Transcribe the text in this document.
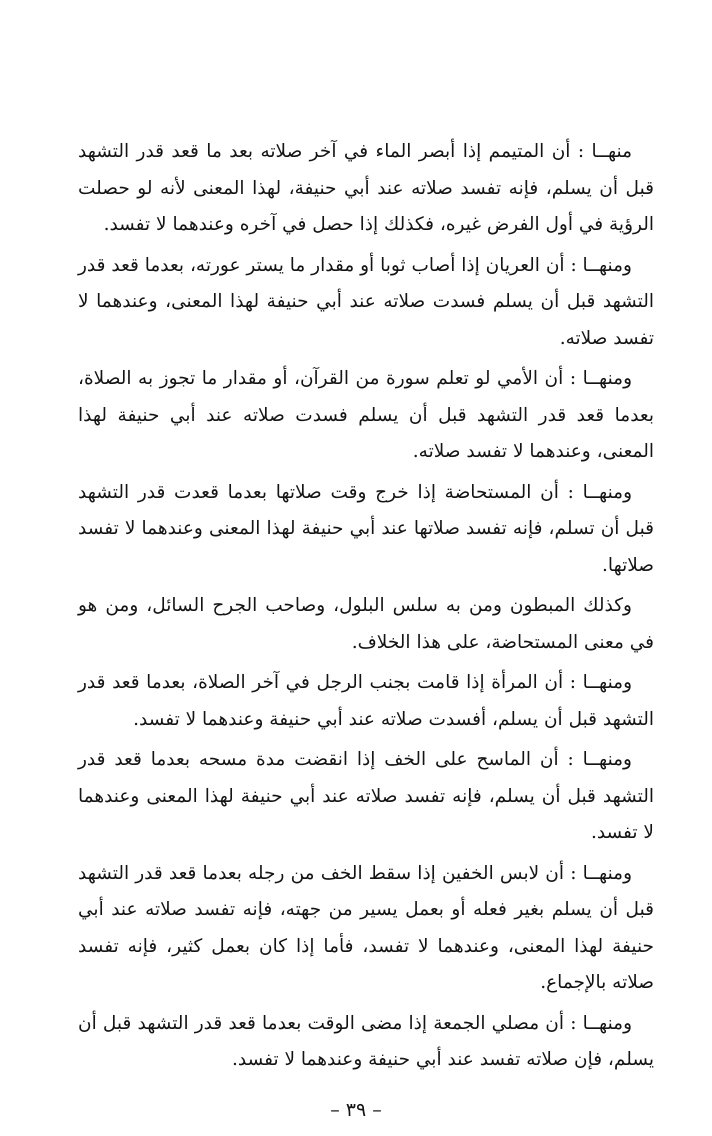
منهــا : أن المتيمم إذا أبصر الماء في آخر صلاته بعد ما قعد قدر التشهد قبل أن يسلم، فإنه تفسد صلاته عند أبي حنيفة، لهذا المعنى لأنه لو حصلت الرؤية في أول الفرض غيره، فكذلك إذا حصل في آخره وعندهما لا تفسد.

ومنهــا : أن العريان إذا أصاب ثوبا أو مقدار ما يستر عورته، بعدما قعد قدر التشهد قبل أن يسلم فسدت صلاته عند أبي حنيفة لهذا المعنى، وعندهما لا تفسد صلاته.

ومنهــا : أن الأمي لو تعلم سورة من القرآن، أو مقدار ما تجوز به الصلاة، بعدما قعد قدر التشهد قبل أن يسلم فسدت صلاته عند أبي حنيفة لهذا المعنى، وعندهما لا تفسد صلاته.

ومنهــا : أن المستحاضة إذا خرج وقت صلاتها بعدما قعدت قدر التشهد قبل أن تسلم، فإنه تفسد صلاتها عند أبي حنيفة لهذا المعنى وعندهما لا تفسد صلاتها.

وكذلك المبطون ومن به سلس البلول، وصاحب الجرح السائل، ومن هو في معنى المستحاضة، على هذا الخلاف.

ومنهــا : أن المرأة إذا قامت بجنب الرجل في آخر الصلاة، بعدما قعد قدر التشهد قبل أن يسلم، أفسدت صلاته عند أبي حنيفة وعندهما لا تفسد.

ومنهــا : أن الماسح على الخف إذا انقضت مدة مسحه بعدما قعد قدر التشهد قبل أن يسلم، فإنه تفسد صلاته عند أبي حنيفة لهذا المعنى وعندهما لا تفسد.

ومنهــا : أن لابس الخفين إذا سقط الخف من رجله بعدما قعد قدر التشهد قبل أن يسلم بغير فعله أو بعمل يسير من جهته، فإنه تفسد صلاته عند أبي حنيفة لهذا المعنى، وعندهما لا تفسد، فأما إذا كان بعمل كثير، فإنه تفسد صلاته بالإجماع.

ومنهــا : أن مصلي الجمعة إذا مضى الوقت بعدما قعد قدر التشهد قبل أن يسلم، فإن صلاته تفسد عند أبي حنيفة وعندهما لا تفسد.

– ٣٩ –
